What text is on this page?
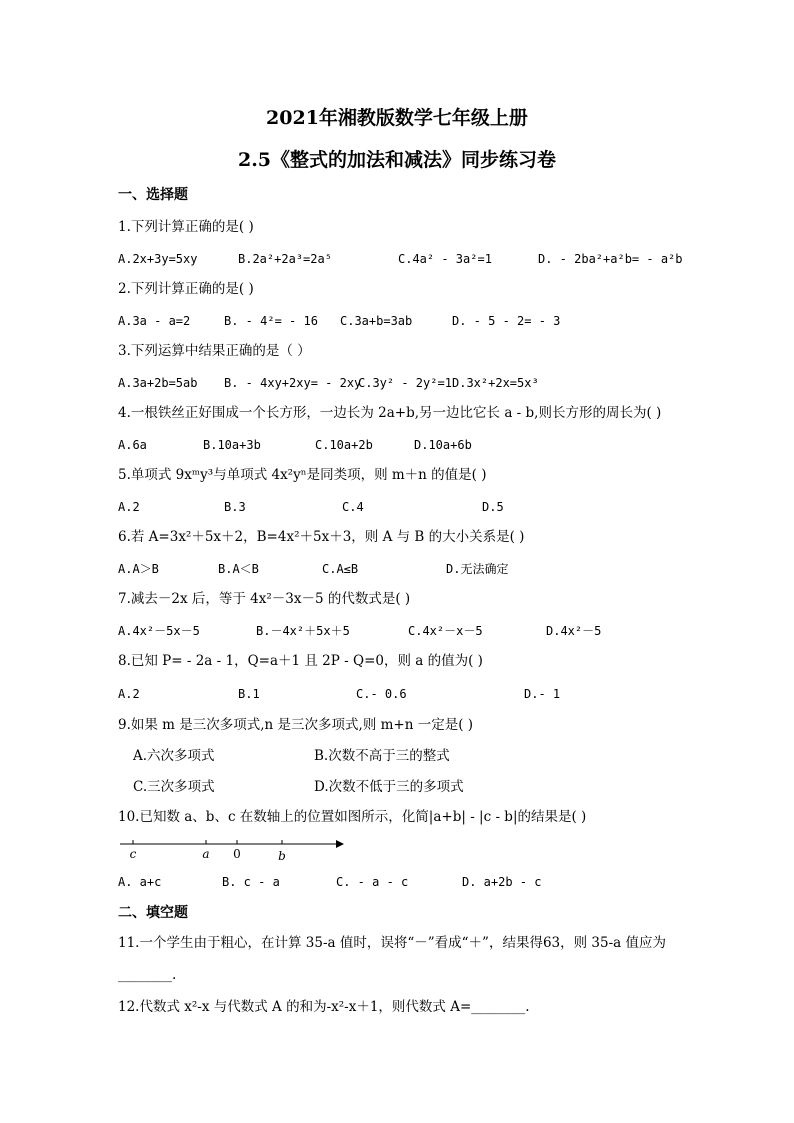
2021年湘教版数学七年级上册
2.5《整式的加法和减法》同步练习卷
一、选择题
1.下列计算正确的是( )
A.2x+3y=5xy	B.2a²+2a³=2a⁵	C.4a² - 3a²=1	D. - 2ba²+a²b= - a²b
2.下列计算正确的是( )
A.3a - a=2	B. - 4²= - 16 C.3a+b=3ab	D. - 5 - 2= - 3
3.下列运算中结果正确的是（ ）
A.3a+2b=5ab B. - 4xy+2xy= - 2xy
C.3y² - 2y²=1 D.3x²+2x=5x³
4.一根铁丝正好围成一个长方形，一边长为 2a+b,另一边比它长 a - b,则长方形的周长为( )
A.6a	B.10a+3b	C.10a+2b	D.10a+6b
5.单项式 9xᵐy³与单项式 4x²yⁿ是同类项，则 m＋n 的值是( )
A.2	B.3	C.4	D.5
6.若 A=3x²＋5x＋2，B=4x²＋5x＋3，则 A 与 B 的大小关系是( )
A.A＞B	B.A＜B	C.A≤B	D.无法确定
7.减去－2x 后，等于 4x²－3x－5 的代数式是( )
A.4x²－5x－5	B.－4x²＋5x＋5	C.4x²－x－5	D.4x²－5
8.已知 P= - 2a - 1，Q=a＋1 且 2P - Q=0，则 a 的值为( )
A.2	B.1	C.- 0.6	D.- 1
9.如果 m 是三次多项式,n 是三次多项式,则 m+n 一定是( )
A.六次多项式	B.次数不高于三的整式
C.三次多项式	D.次数不低于三的多项式
10.已知数 a、b、c 在数轴上的位置如图所示，化简|a+b| - |c - b|的结果是( )
c	a 0	b
A. a+c	B. c - a	C. - a - c	D. a+2b - c
二、填空题
11.一个学生由于粗心，在计算 35-a 值时，误将“－”看成“＋”，结果得63，则 35-a 值应为
________.
12.代数式 x²-x 与代数式 A 的和为-x²-x＋1，则代数式 A=________.
